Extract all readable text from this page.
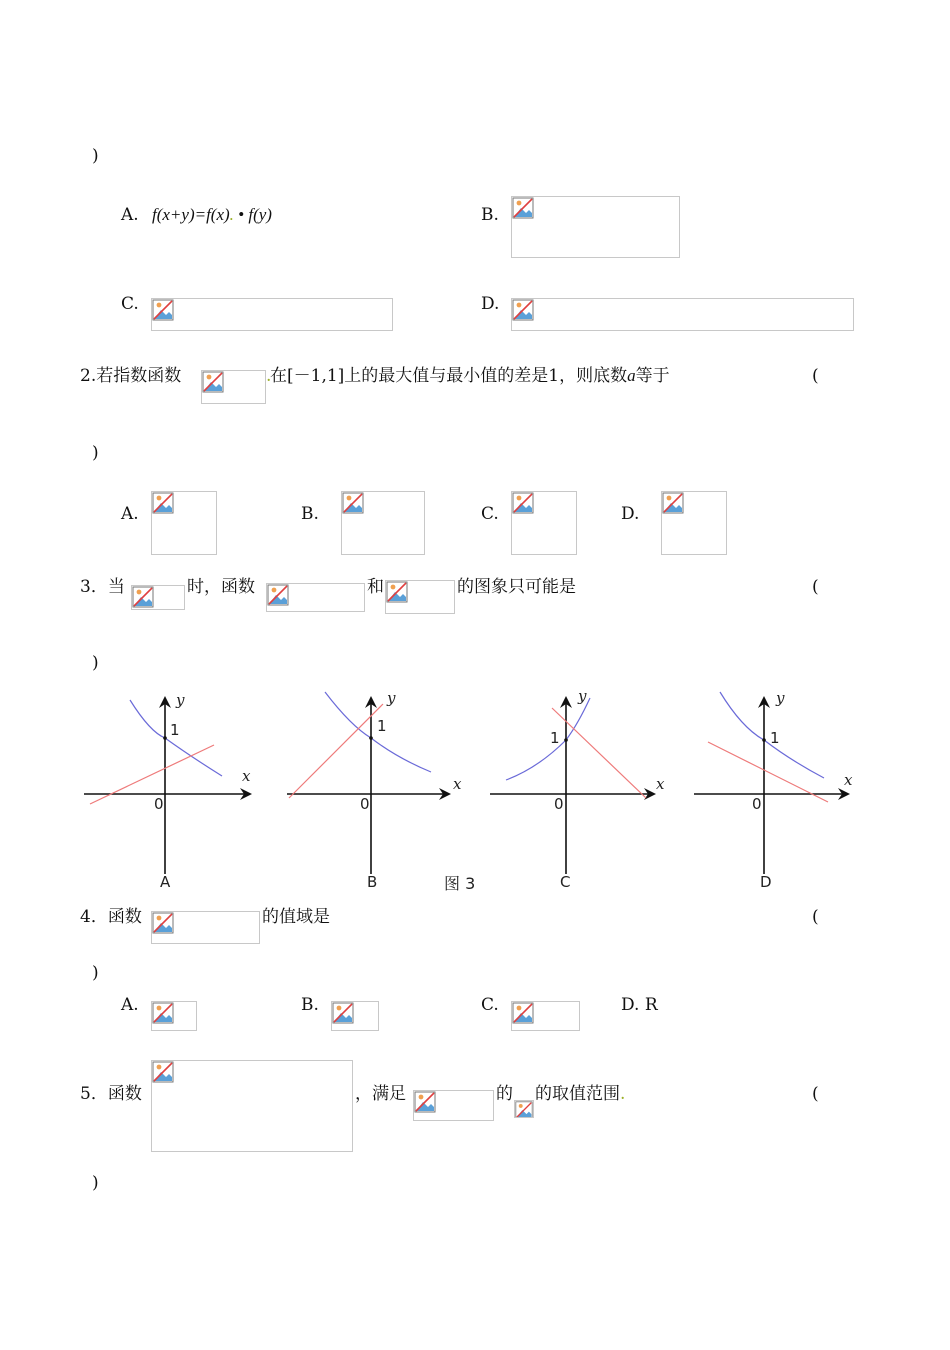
)
A. f(x+y)=f(x). • f(y)	B.
C.	D.
2.若指数函数	.
在[－1,1]上的最大值与最小值的差是1，则底数a等于	(
)
A.	B.	C.	D.
3．当	时，函数	和	的图象只可能是	(
)
y
x
1
0
A
y
x
1
0
B	图 3
y
x
1
0
C
y
x
1
0
D
4．函数	的值域是	(
)
A.	B.	C.	D. R
5．函数	，满足	的 的取值范围.	(
)
